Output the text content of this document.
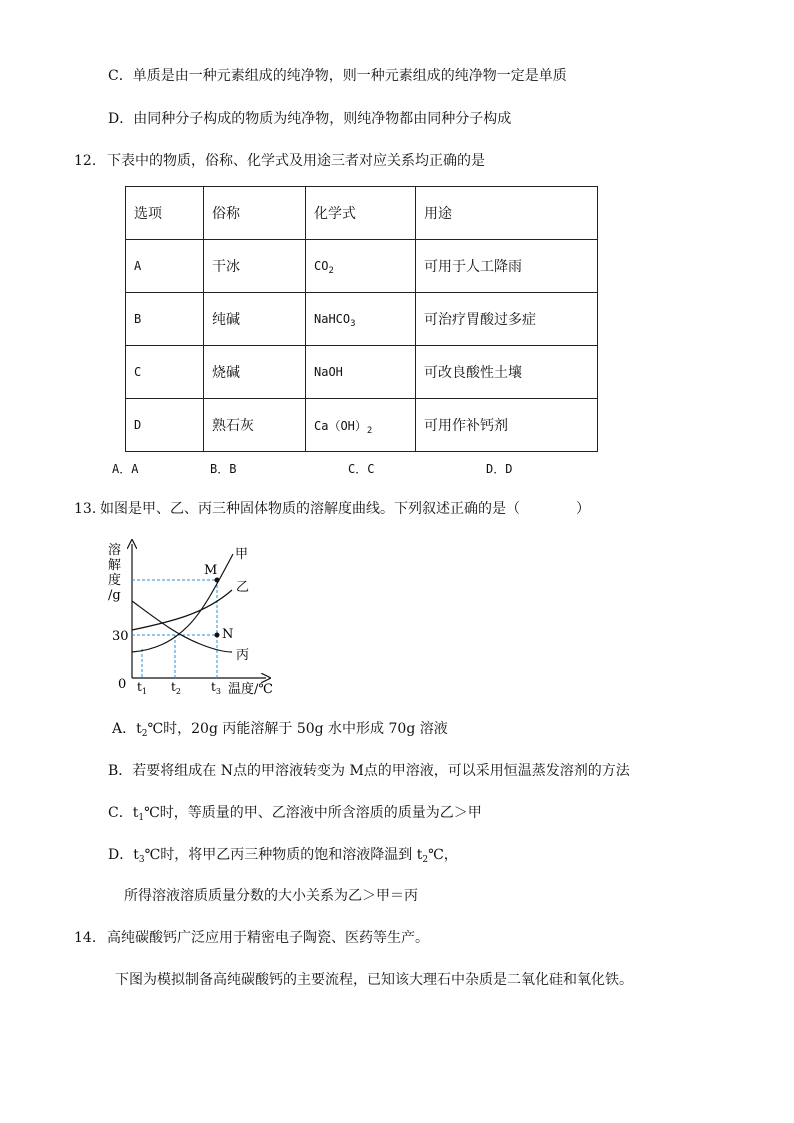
C．单质是由一种元素组成的纯净物，则一种元素组成的纯净物一定是单质
D．由同种分子构成的物质为纯净物，则纯净物都由同种分子构成
12. 下表中的物质，俗称、化学式及用途三者对应关系均正确的是
选项	俗称	化学式	用途
A	干冰	$CO_2$	可用于人工降雨
B	纯碱	NaHCO$_3$	可治疗胃酸过多症
C	烧碱	NaOH	可改良酸性土壤
D	熟石灰	$Ca(OH)_2$	可用作补钙剂
A．A	B．B	C．C	D．D
13. 如图是甲、乙、丙三种固体物质的溶解度曲线。下列叙述正确的是（　　　　）
溶
解
度
/g
30
0 $t_1$ $t_2$	$t_3$ 温度/℃
甲
乙
丙
M
N
A．$t_2℃$时，20g 丙能溶解于 50g 水中形成 70g 溶液
B．若要将组成在 N点的甲溶液转变为 M点的甲溶液，可以采用恒温蒸发溶剂的方法
C．$t_1℃$时，等质量的甲、乙溶液中所含溶质的质量为乙＞甲
D．$t_3℃$时，将甲乙丙三种物质的饱和溶液降温到 $t_2℃$，
所得溶液溶质质量分数的大小关系为乙＞甲＝丙
14. 高纯碳酸钙广泛应用于精密电子陶瓷、医药等生产。
下图为模拟制备高纯碳酸钙的主要流程，已知该大理石中杂质是二氧化硅和氧化铁。
